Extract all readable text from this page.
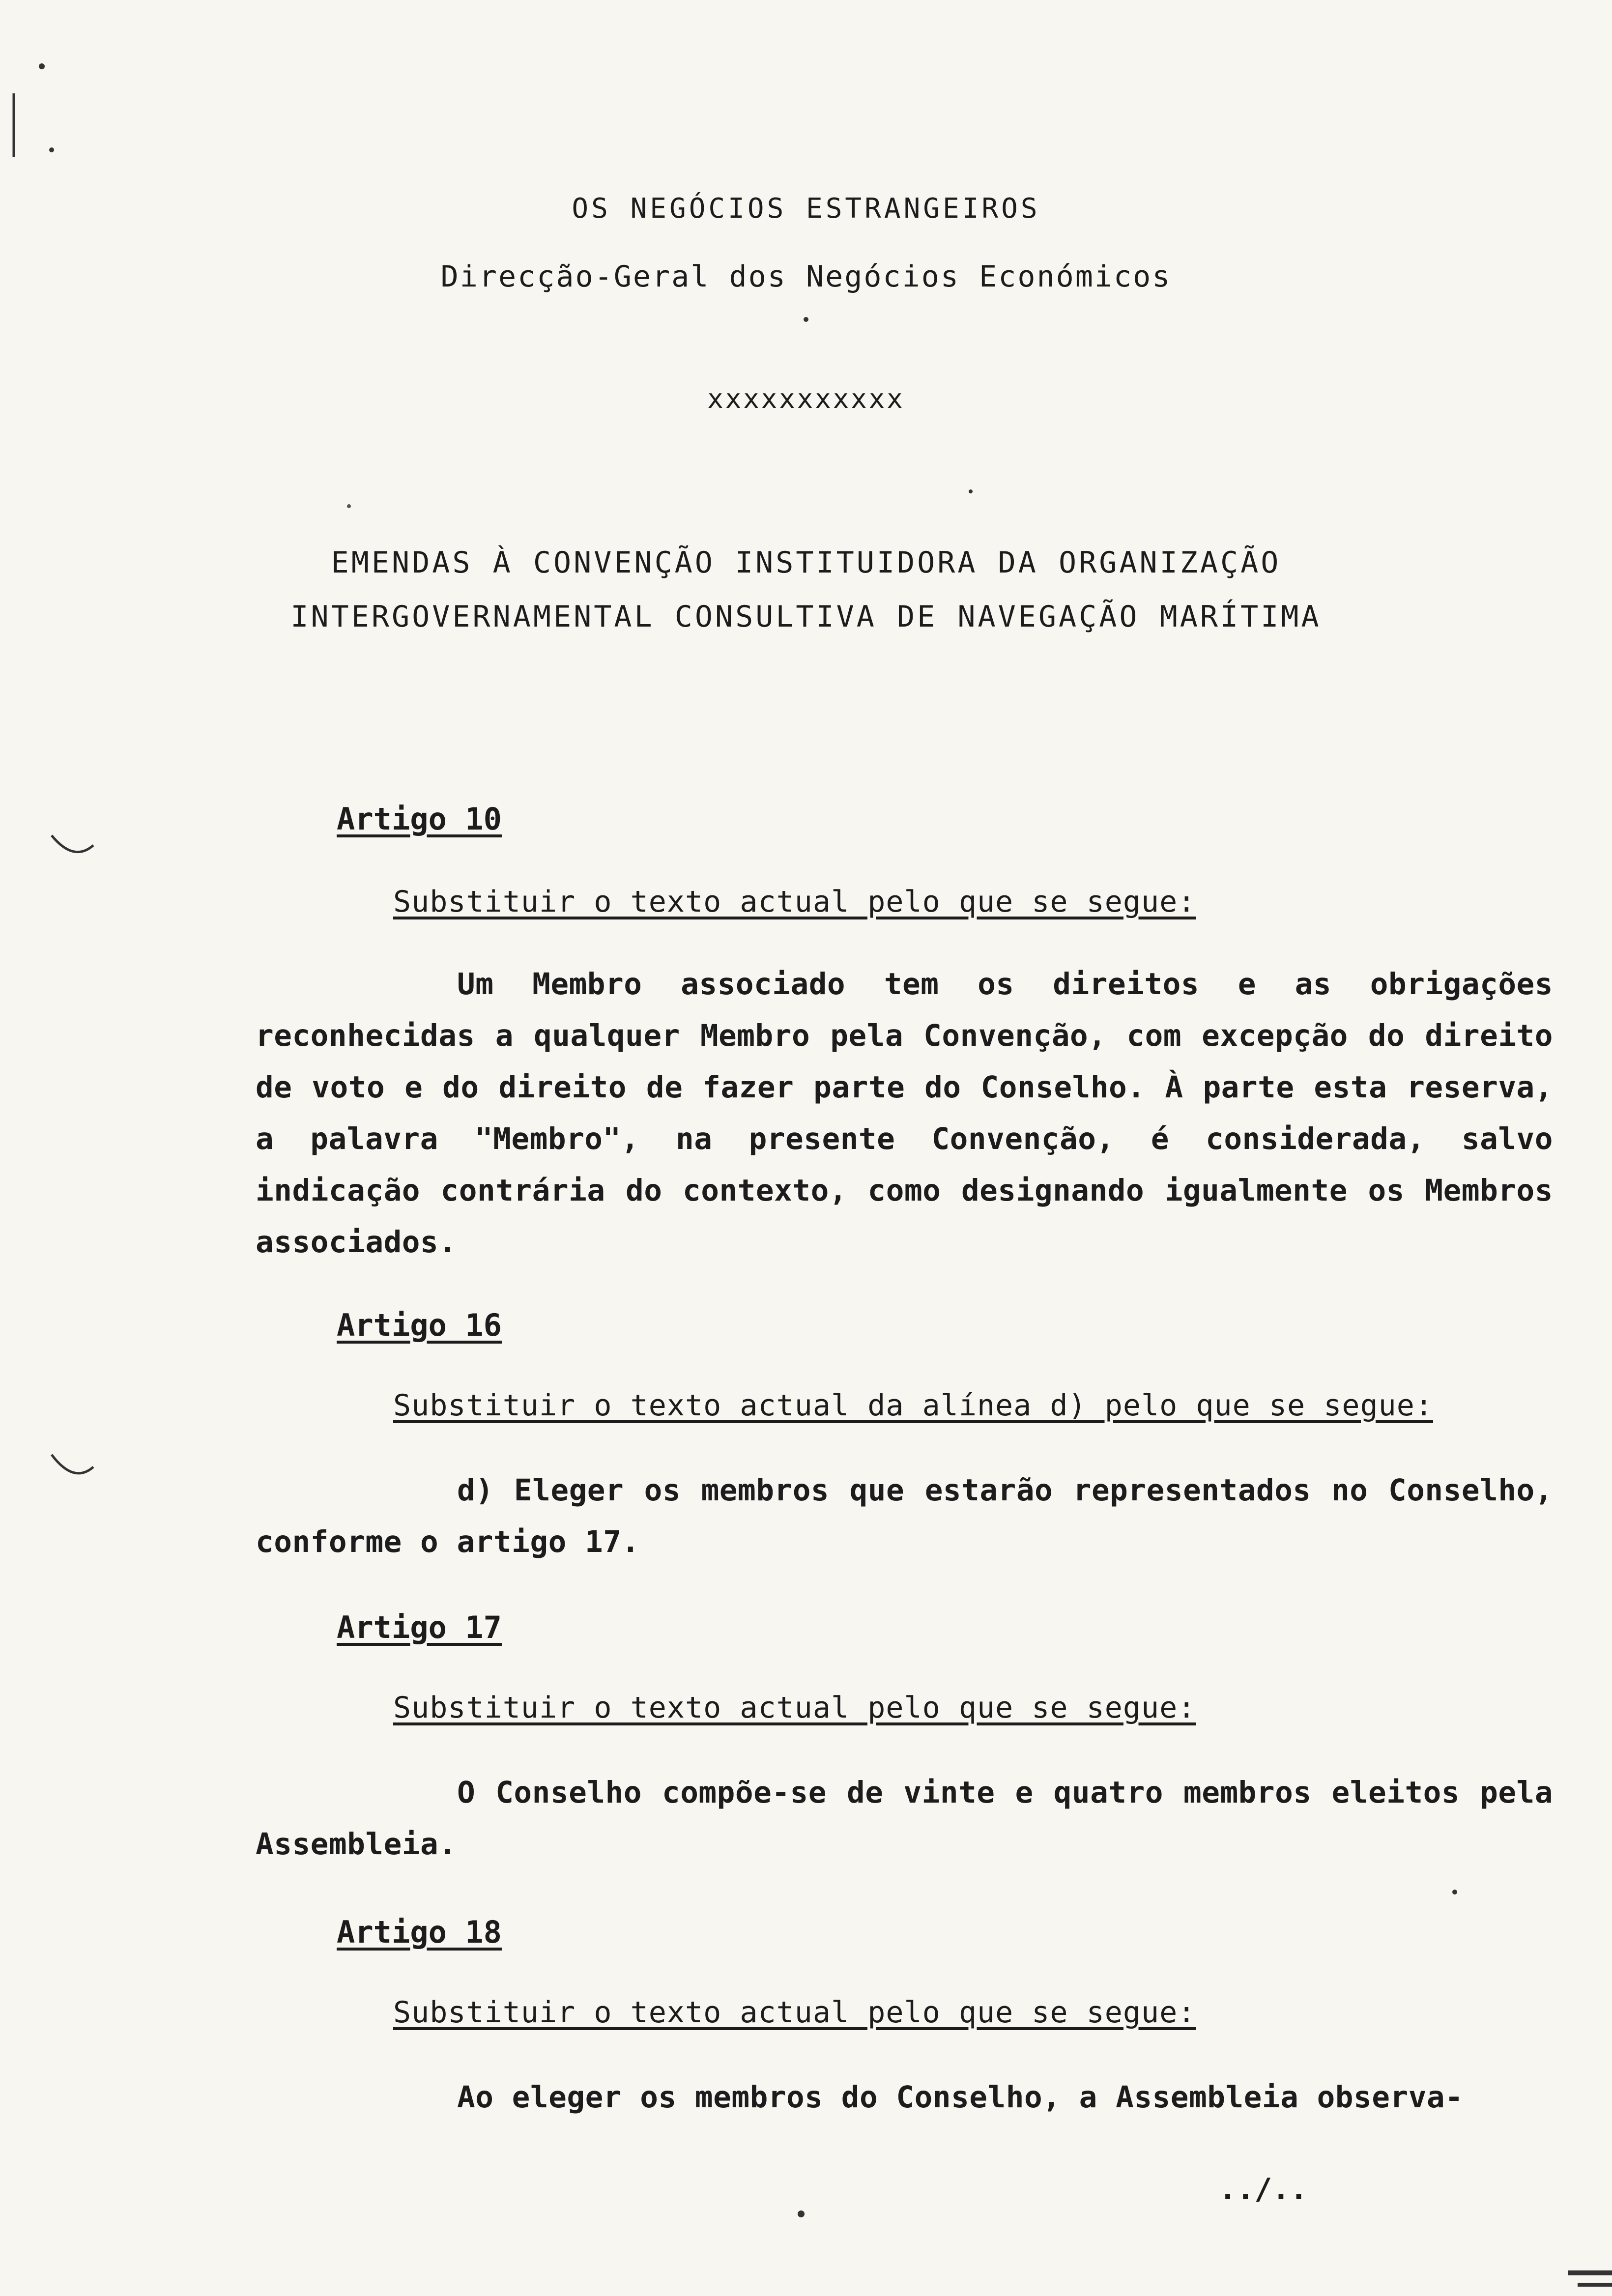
OS NEGÓCIOS ESTRANGEIROS
Direcção-Geral dos Negócios Económicos
xxxxxxxxxxx
EMENDAS À CONVENÇÃO INSTITUIDORA DA ORGANIZAÇÃO
INTERGOVERNAMENTAL CONSULTIVA DE NAVEGAÇÃO MARÍTIMA
Artigo 10
Substituir o texto actual pelo que se segue:
Um Membro associado tem os direitos e as obrigações reconhecidas a qualquer Membro pela Convenção, com excepção do direito de voto e do direito de fazer parte do Conselho. À parte esta reserva, a palavra "Membro", na presente Convenção, é considerada, salvo indicação contrária do contexto, como designando igualmente os Membros associados.
Artigo 16
Substituir o texto actual da alínea d) pelo que se segue:
d) Eleger os membros que estarão representados no Conselho, conforme o artigo 17.
Artigo 17
Substituir o texto actual pelo que se segue:
O Conselho compõe-se de vinte e quatro membros eleitos pela Assembleia.
Artigo 18
Substituir o texto actual pelo que se segue:
Ao eleger os membros do Conselho, a Assembleia observa-
../..
